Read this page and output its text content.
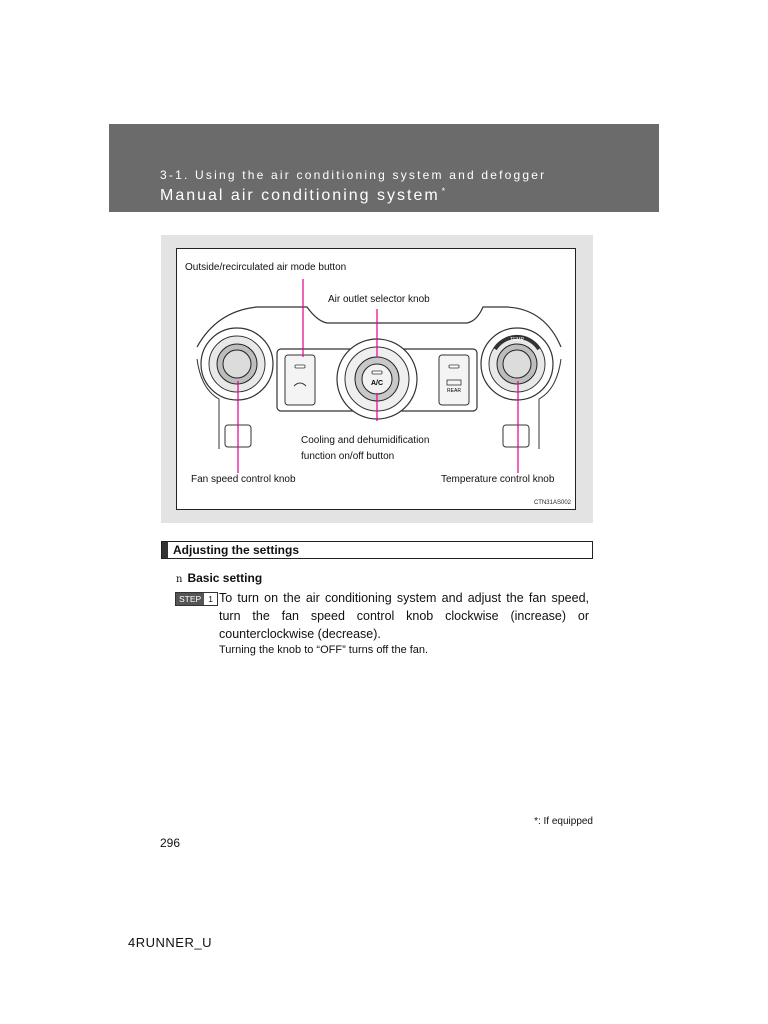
3-1. Using the air conditioning system and defogger
Manual air conditioning system *
TEMP
REAR
A/C
Outside/recirculated air mode button
Air outlet selector knob
Cooling and dehumidification
function on/off button
Fan speed control knob	Temperature control knob
CTN31AS002
Adjusting the settings
n Basic setting
STEP 1 To turn on the air conditioning system and adjust the fan speed, turn the fan speed control knob clockwise (increase) or counterclockwise (decrease).
Turning the knob to “OFF” turns off the fan.
*: If equipped
296
4RUNNER_U
